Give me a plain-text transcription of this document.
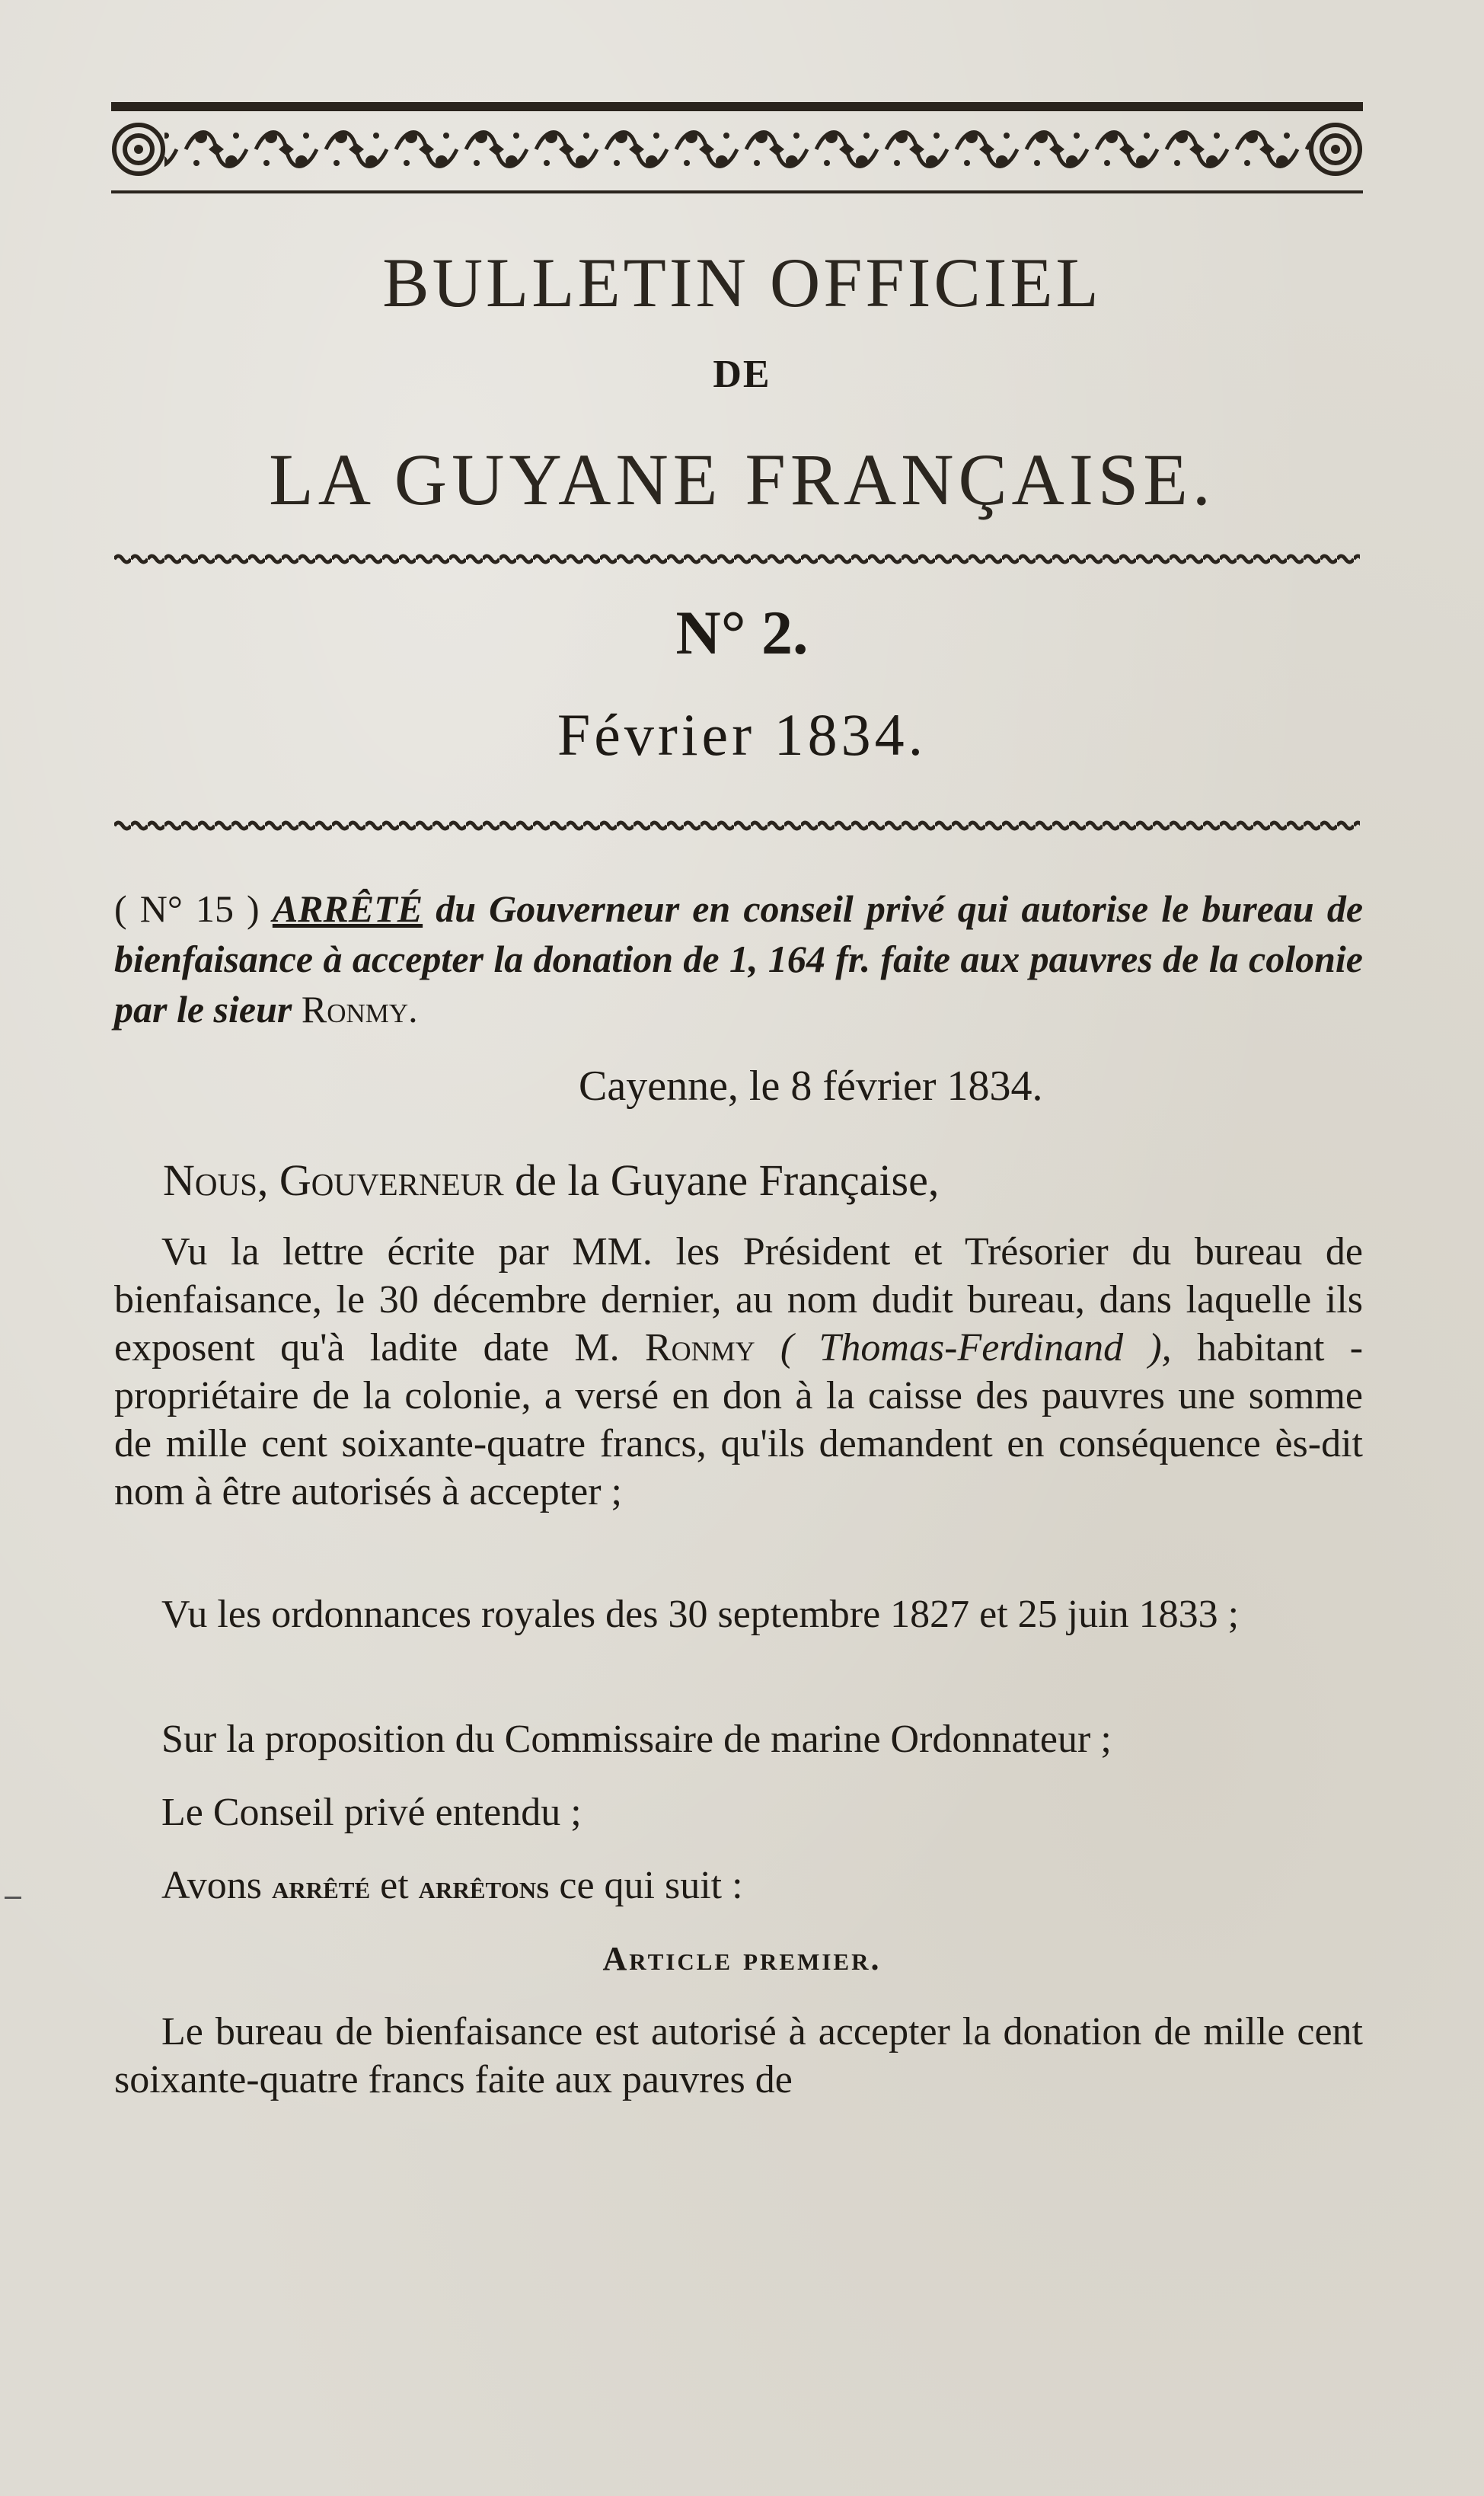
BULLETIN OFFICIEL
DE
LA GUYANE FRANÇAISE.
N° 2.
Février 1834.
( N° 15 ) ARRÊTÉ du Gouverneur en conseil privé qui autorise le bureau de bienfaisance à accepter la donation de 1, 164 fr. faite aux pauvres de la colonie par le sieur Ronmy.
Cayenne, le 8 février 1834.
Nous, Gouverneur de la Guyane Française,
Vu la lettre écrite par MM. les Président et Trésorier du bureau de bienfaisance, le 30 décembre dernier, au nom dudit bureau, dans laquelle ils exposent qu'à ladite date M. Ronmy ( Thomas-Ferdinand ), habitant - propriétaire de la colonie, a versé en don à la caisse des pauvres une somme de mille cent soixante-quatre francs, qu'ils demandent en conséquence ès-dit nom à être autorisés à accepter ;
Vu les ordonnances royales des 30 septembre 1827 et 25 juin 1833 ;
Sur la proposition du Commissaire de marine Ordonnateur ;
Le Conseil privé entendu ;
Avons arrêté et arrêtons ce qui suit :
Article premier.
Le bureau de bienfaisance est autorisé à accepter la donation de mille cent soixante-quatre francs faite aux pauvres de
